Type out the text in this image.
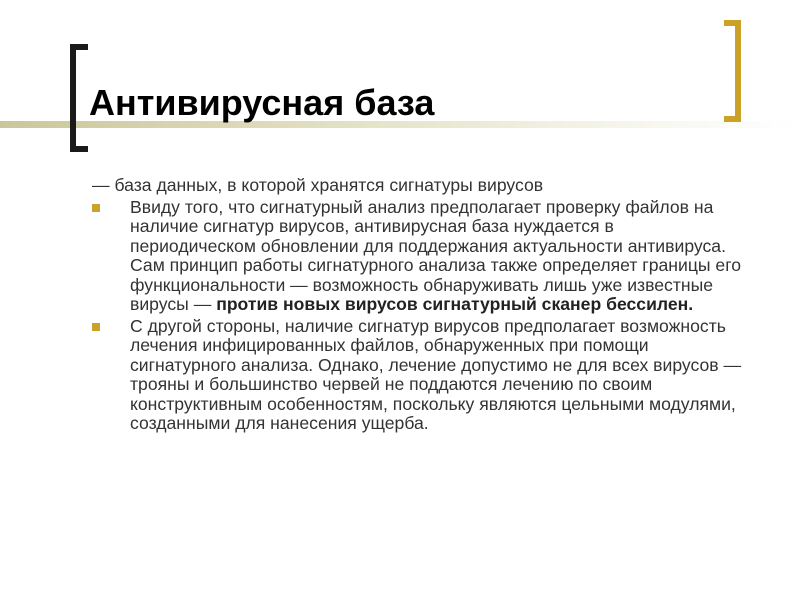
Антивирусная база

— база данных, в которой хранятся сигнатуры вирусов

Ввиду того, что сигнатурный анализ предполагает проверку файлов на наличие сигнатур вирусов, антивирусная база нуждается в периодическом обновлении для поддержания актуальности антивируса. Сам принцип работы сигнатурного анализа также определяет границы его функциональности — возможность обнаруживать лишь уже известные вирусы — против новых вирусов сигнатурный сканер бессилен.
С другой стороны, наличие сигнатур вирусов предполагает возможность лечения инфицированных файлов, обнаруженных при помощи сигнатурного анализа. Однако, лечение допустимо не для всех вирусов — трояны и большинство червей не поддаются лечению по своим конструктивным особенностям, поскольку являются цельными модулями, созданными для нанесения ущерба.
